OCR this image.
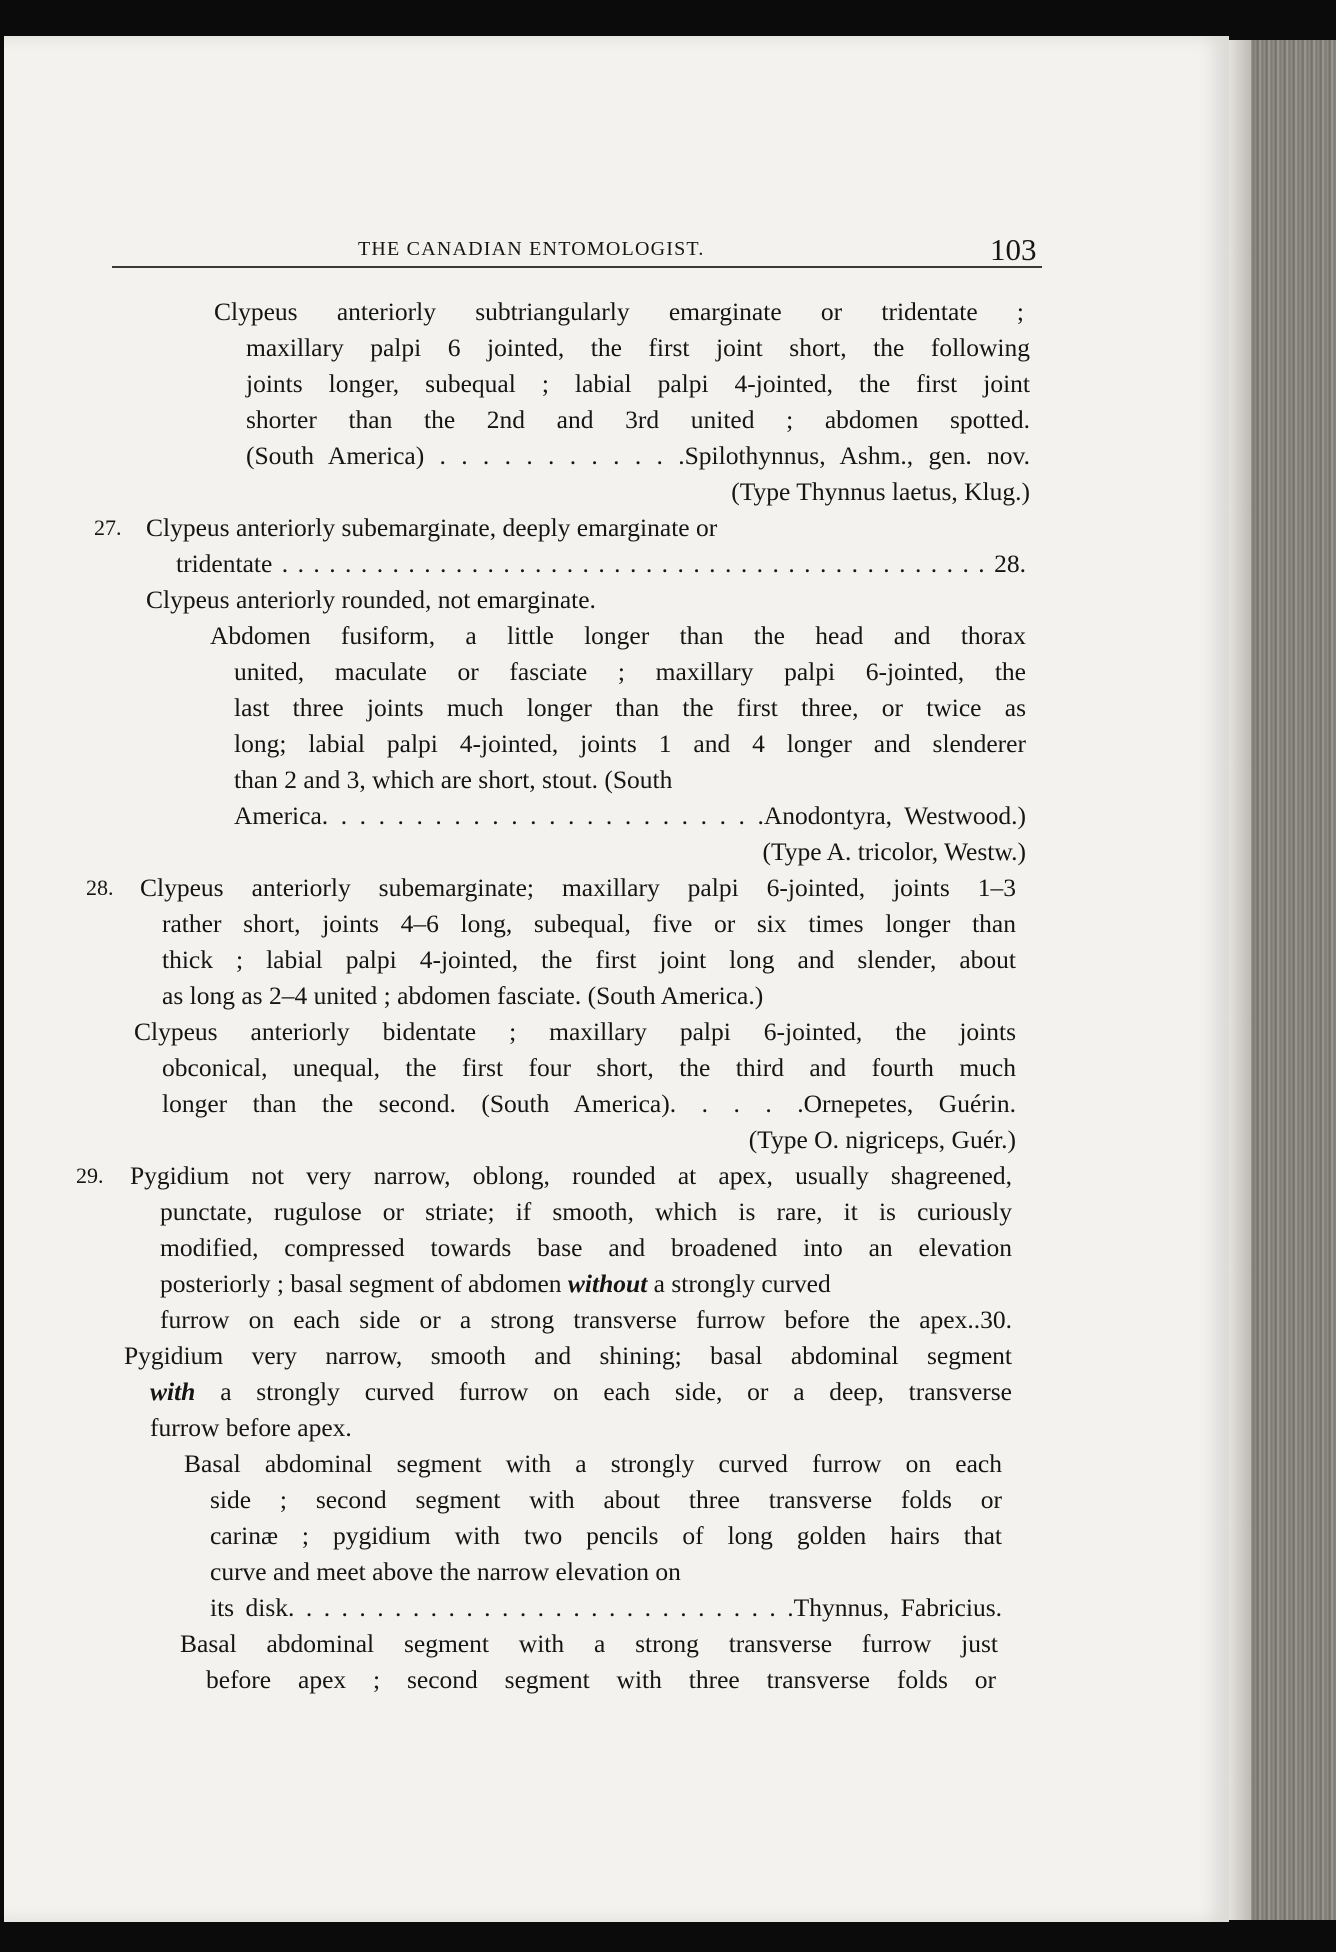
THE CANADIAN ENTOMOLOGIST.	103
Clypeus anteriorly subtriangularly emarginate or tridentate ;
maxillary palpi 6 jointed, the first joint short, the following
joints longer, subequal ; labial palpi 4-jointed, the first joint
shorter than the 2nd and 3rd united ; abdomen spotted.
(South America) . . . . . . . . . . . .Spilothynnus, Ashm., gen. nov.
(Type Thynnus laetus, Klug.)
27. Clypeus anteriorly subemarginate, deeply emarginate or
tridentate . . . . . . . . . . . . . . . . . . . . . . . . . . . . . . . . . . . . . . . . . . . . . 28.
Clypeus anteriorly rounded, not emarginate.
Abdomen fusiform, a little longer than the head and thorax
united, maculate or fasciate ; maxillary palpi 6-jointed, the
last three joints much longer than the first three, or twice as
long; labial palpi 4-jointed, joints 1 and 4 longer and slenderer
than 2 and 3, which are short, stout. (South
America. . . . . . . . . . . . . . . . . . . . . . . .Anodontyra, Westwood.)
(Type A. tricolor, Westw.)
28. Clypeus anteriorly subemarginate; maxillary palpi 6-jointed, joints 1–3
rather short, joints 4–6 long, subequal, five or six times longer than
thick ; labial palpi 4-jointed, the first joint long and slender, about
as long as 2–4 united ; abdomen fasciate. (South America.)
Clypeus anteriorly bidentate ; maxillary palpi 6-jointed, the joints
obconical, unequal, the first four short, the third and fourth much
longer than the second. (South America). . . . .Ornepetes, Guérin.
(Type O. nigriceps, Guér.)
29. Pygidium not very narrow, oblong, rounded at apex, usually shagreened,
punctate, rugulose or striate; if smooth, which is rare, it is curiously
modified, compressed towards base and broadened into an elevation
posteriorly ; basal segment of abdomen without a strongly curved
furrow on each side or a strong transverse furrow before the apex..30.
Pygidium very narrow, smooth and shining; basal abdominal segment
with a strongly curved furrow on each side, or a deep, transverse
furrow before apex.
Basal abdominal segment with a strongly curved furrow on each
side ; second segment with about three transverse folds or
carinæ ; pygidium with two pencils of long golden hairs that
curve and meet above the narrow elevation on
its disk. . . . . . . . . . . . . . . . . . . . . . . . . . . . .Thynnus, Fabricius.
Basal abdominal segment with a strong transverse furrow just
before apex ; second segment with three transverse folds or
